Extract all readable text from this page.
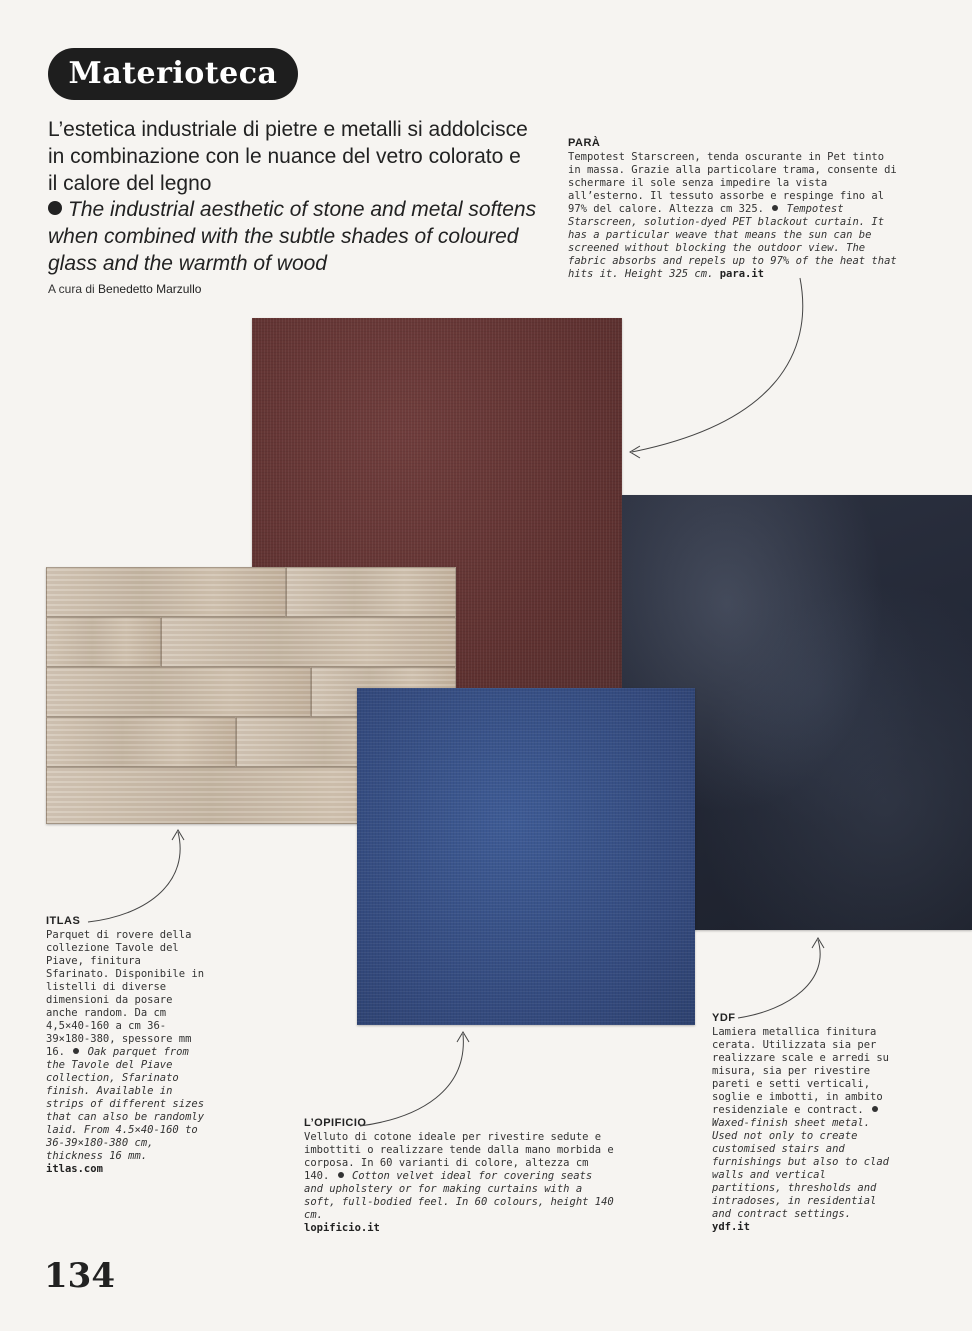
Materioteca
L’estetica industriale di pietre e metalli si addolcisce in combinazione con le nuance del vetro colorato e il calore del legno
The industrial aesthetic of stone and metal softens when combined with the subtle shades of coloured glass and the warmth of wood
A cura di Benedetto Marzullo
PARÀ
Tempotest Starscreen, tenda oscurante in Pet tinto in massa. Grazie alla particolare trama, consente di schermare il sole senza impedire la vista all’esterno. Il tessuto assorbe e respinge fino al 97% del calore. Altezza cm 325. Tempotest Starscreen, solution-dyed PET blackout curtain. It has a particular weave that means the sun can be screened without blocking the outdoor view. The fabric absorbs and repels up to 97% of the heat that hits it. Height 325 cm. para.it
ITLAS
Parquet di rovere della collezione Tavole del Piave, finitura Sfarinato. Disponibile in listelli di diverse dimensioni da posare anche random. Da cm 4,5×40-160 a cm 36-39×180-380, spessore mm 16. Oak parquet from the Tavole del Piave collection, Sfarinato finish. Available in strips of different sizes that can also be randomly laid. From 4.5×40-160 to 36-39×180-380 cm, thickness 16 mm. itlas.com
L’OPIFICIO
Velluto di cotone ideale per rivestire sedute e imbottiti o realizzare tende dalla mano morbida e corposa. In 60 varianti di colore, altezza cm 140. Cotton velvet ideal for covering seats and upholstery or for making curtains with a soft, full-bodied feel. In 60 colours, height 140 cm.
lopificio.it
YDF
Lamiera metallica finitura cerata. Utilizzata sia per realizzare scale e arredi su misura, sia per rivestire pareti e setti verticali, soglie e imbotti, in ambito residenziale e contract.  Waxed-finish sheet metal. Used not only to create customised stairs and furnishings but also to clad walls and vertical partitions, thresholds and intradoses, in residential and contract settings. ydf.it
134
